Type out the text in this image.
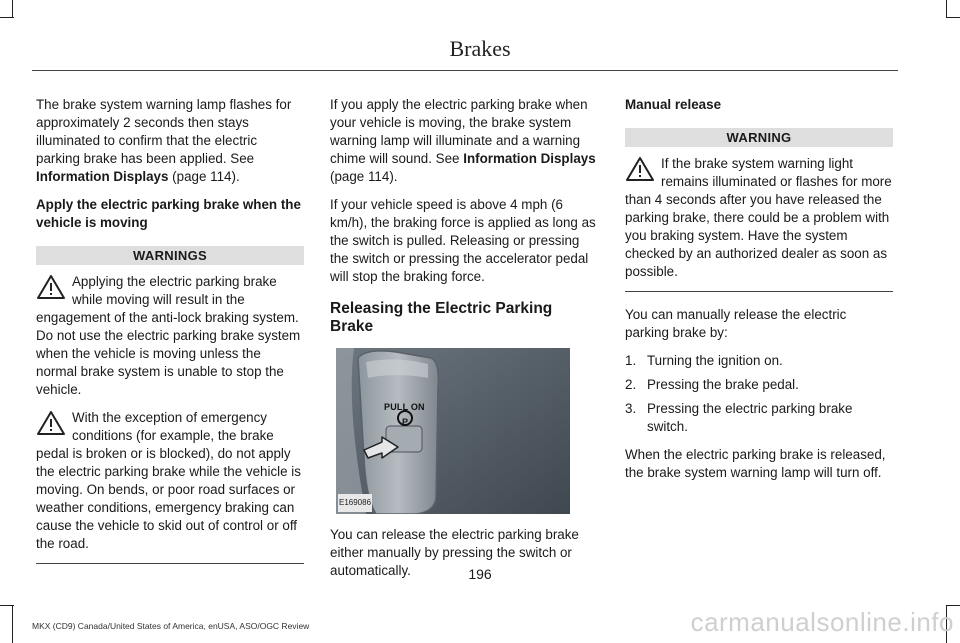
Brakes

The brake system warning lamp flashes for approximately 2 seconds then stays illuminated to confirm that the electric parking brake has been applied. See Information Displays (page 114).

Apply the electric parking brake when the vehicle is moving

WARNINGS
Applying the electric parking brake while moving will result in the engagement of the anti-lock braking system. Do not use the electric parking brake system when the vehicle is moving unless the normal brake system is unable to stop the vehicle.
With the exception of emergency conditions (for example, the brake pedal is broken or is blocked), do not apply the electric parking brake while the vehicle is moving. On bends, or poor road surfaces or weather conditions, emergency braking can cause the vehicle to skid out of control or off the road.

If you apply the electric parking brake when your vehicle is moving, the brake system warning lamp will illuminate and a warning chime will sound. See Information Displays (page 114).

If your vehicle speed is above 4 mph (6 km/h), the braking force is applied as long as the switch is pulled. Releasing or pressing the switch or pressing the accelerator pedal will stop the braking force.

Releasing the Electric Parking Brake
PULL ON
P
E169086

You can release the electric parking brake either manually by pressing the switch or automatically.

Manual release

WARNING
If the brake system warning light remains illuminated or flashes for more than 4 seconds after you have released the parking brake, there could be a problem with you braking system. Have the system checked by an authorized dealer as soon as possible.

You can manually release the electric parking brake by:

1. Turning the ignition on.
2. Pressing the brake pedal.
3. Pressing the electric parking brake switch.

When the electric parking brake is released, the brake system warning lamp will turn off.

196
MKX (CD9) Canada/United States of America, enUSA, ASO/OGC Review	carmanualsonline.info
